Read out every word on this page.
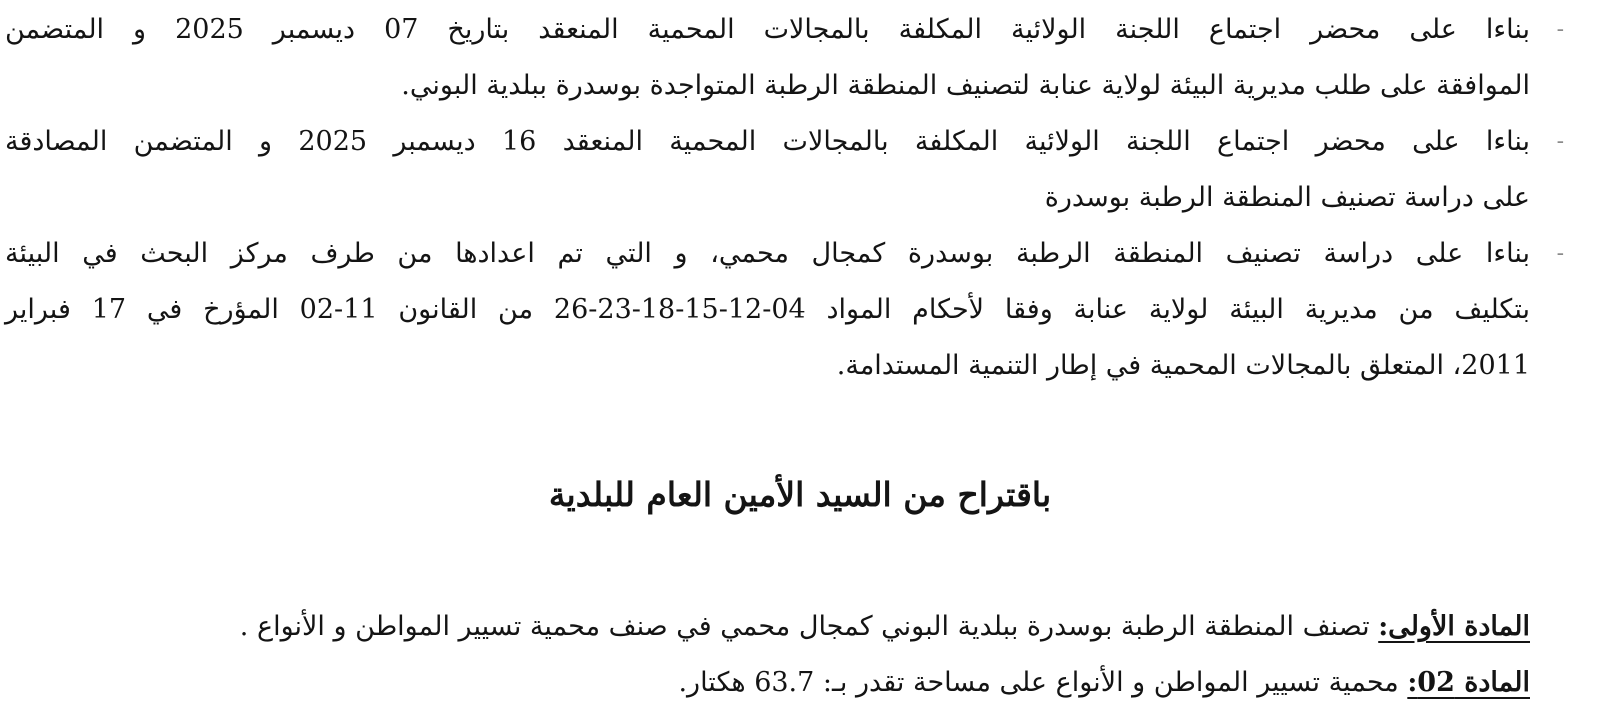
-
بناءا على محضر اجتماع اللجنة الولائية المكلفة بالمجالات المحمية المنعقد بتاريخ 07 ديسمبر 2025 و المتضمن
الموافقة على طلب مديرية البيئة لولاية عنابة لتصنيف المنطقة الرطبة المتواجدة بوسدرة ببلدية البوني.
-
بناءا على محضر اجتماع اللجنة الولائية المكلفة بالمجالات المحمية المنعقد 16 ديسمبر 2025 و المتضمن المصادقة
على دراسة تصنيف المنطقة الرطبة بوسدرة
-
بناءا على دراسة تصنيف المنطقة الرطبة بوسدرة كمجال محمي، و التي تم اعدادها من طرف مركز البحث في البيئة
بتكليف من مديرية البيئة لولاية عنابة وفقا لأحكام المواد 04-12-15-18-23-26 من القانون 11-02 المؤرخ في 17 فبراير
2011، المتعلق بالمجالات المحمية في إطار التنمية المستدامة.
باقتراح من السيد الأمين العام للبلدية
المادة الأولى: تصنف المنطقة الرطبة بوسدرة ببلدية البوني كمجال محمي في صنف محمية تسيير المواطن و الأنواع .
المادة 02: محمية تسيير المواطن و الأنواع على مساحة تقدر بـ: 63.7 هكتار.
